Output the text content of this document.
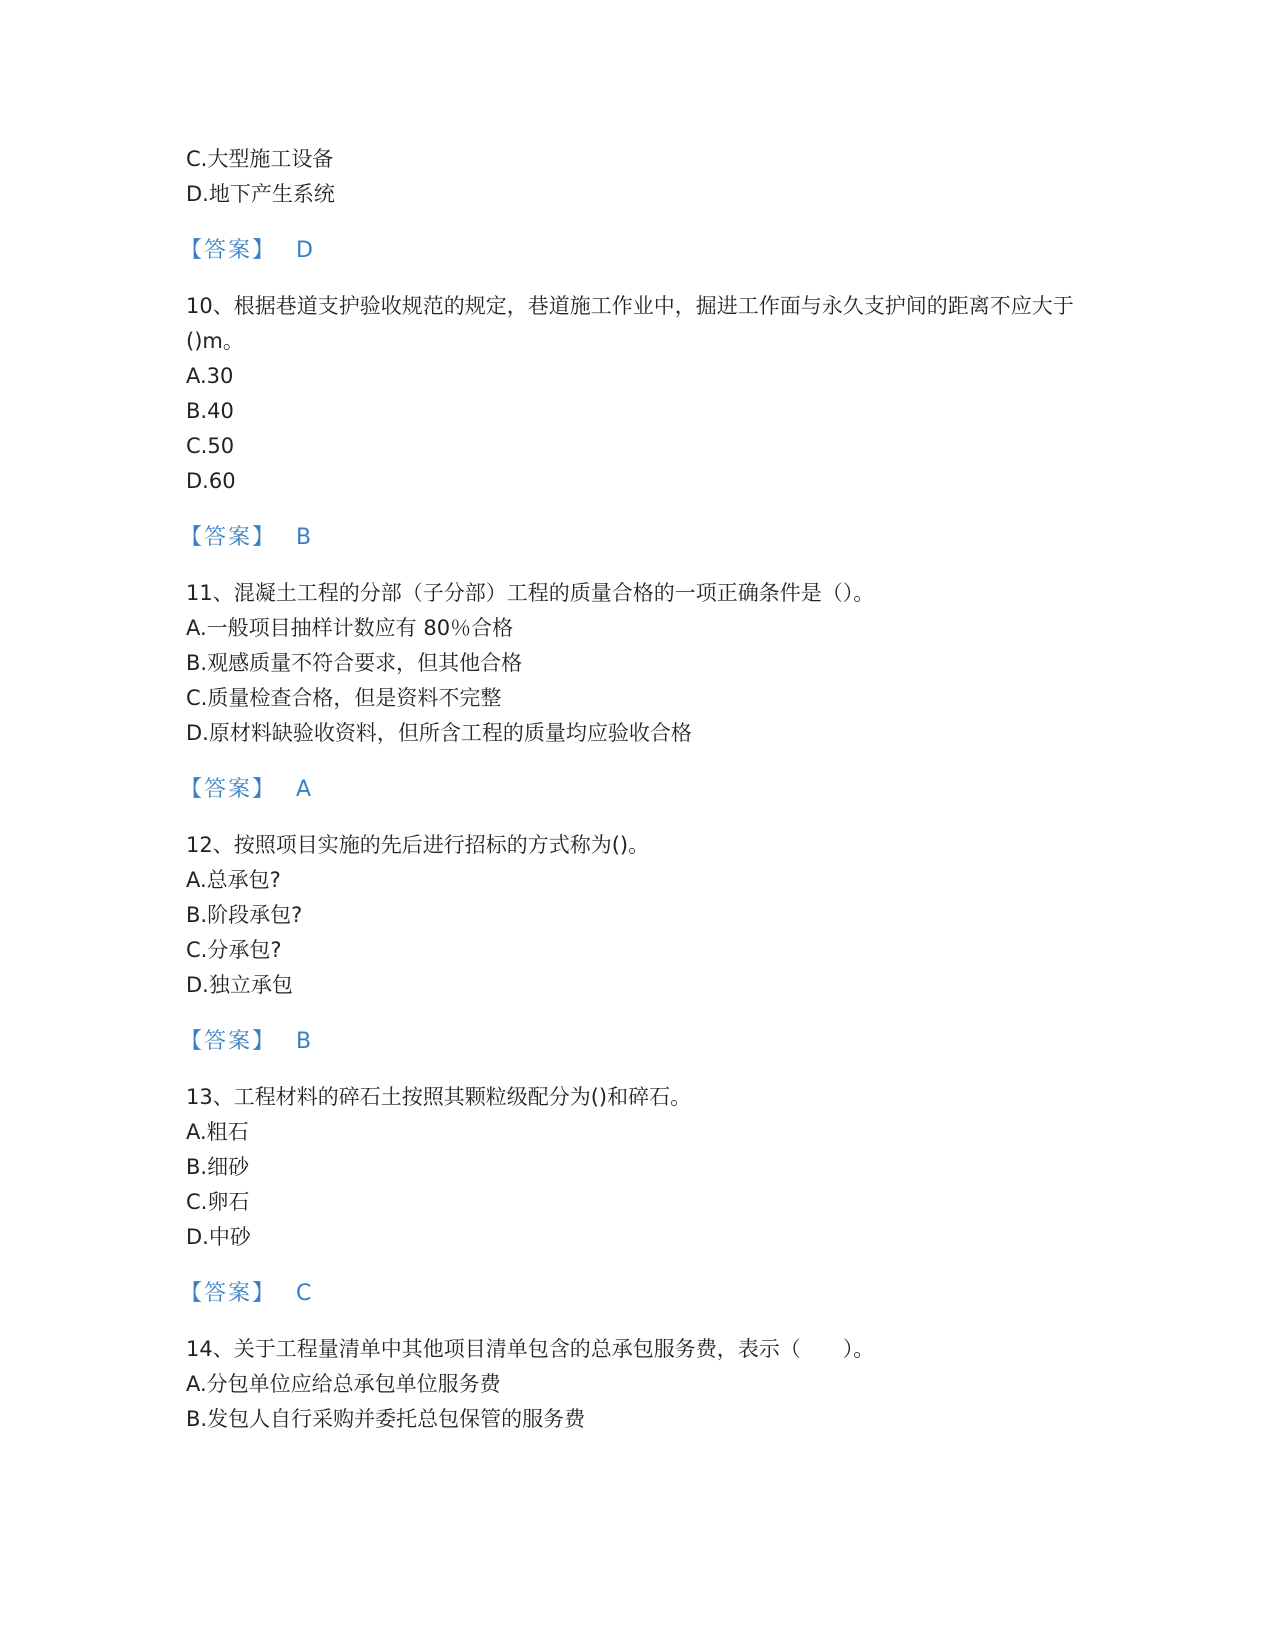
C.大型施工设备
D.地下产生系统
【答案】 D
10、根据巷道支护验收规范的规定，巷道施工作业中，掘进工作面与永久支护间的距离不应大于()m。
A.30
B.40
C.50
D.60
【答案】 B
11、混凝土工程的分部（子分部）工程的质量合格的一项正确条件是（）。
A.一般项目抽样计数应有 80％合格
B.观感质量不符合要求，但其他合格
C.质量检查合格，但是资料不完整
D.原材料缺验收资料，但所含工程的质量均应验收合格
【答案】 A
12、按照项目实施的先后进行招标的方式称为()。
A.总承包?
B.阶段承包?
C.分承包?
D.独立承包
【答案】 B
13、工程材料的碎石土按照其颗粒级配分为()和碎石。
A.粗石
B.细砂
C.卵石
D.中砂
【答案】 C
14、关于工程量清单中其他项目清单包含的总承包服务费，表示（　　）。
A.分包单位应给总承包单位服务费
B.发包人自行采购并委托总包保管的服务费
